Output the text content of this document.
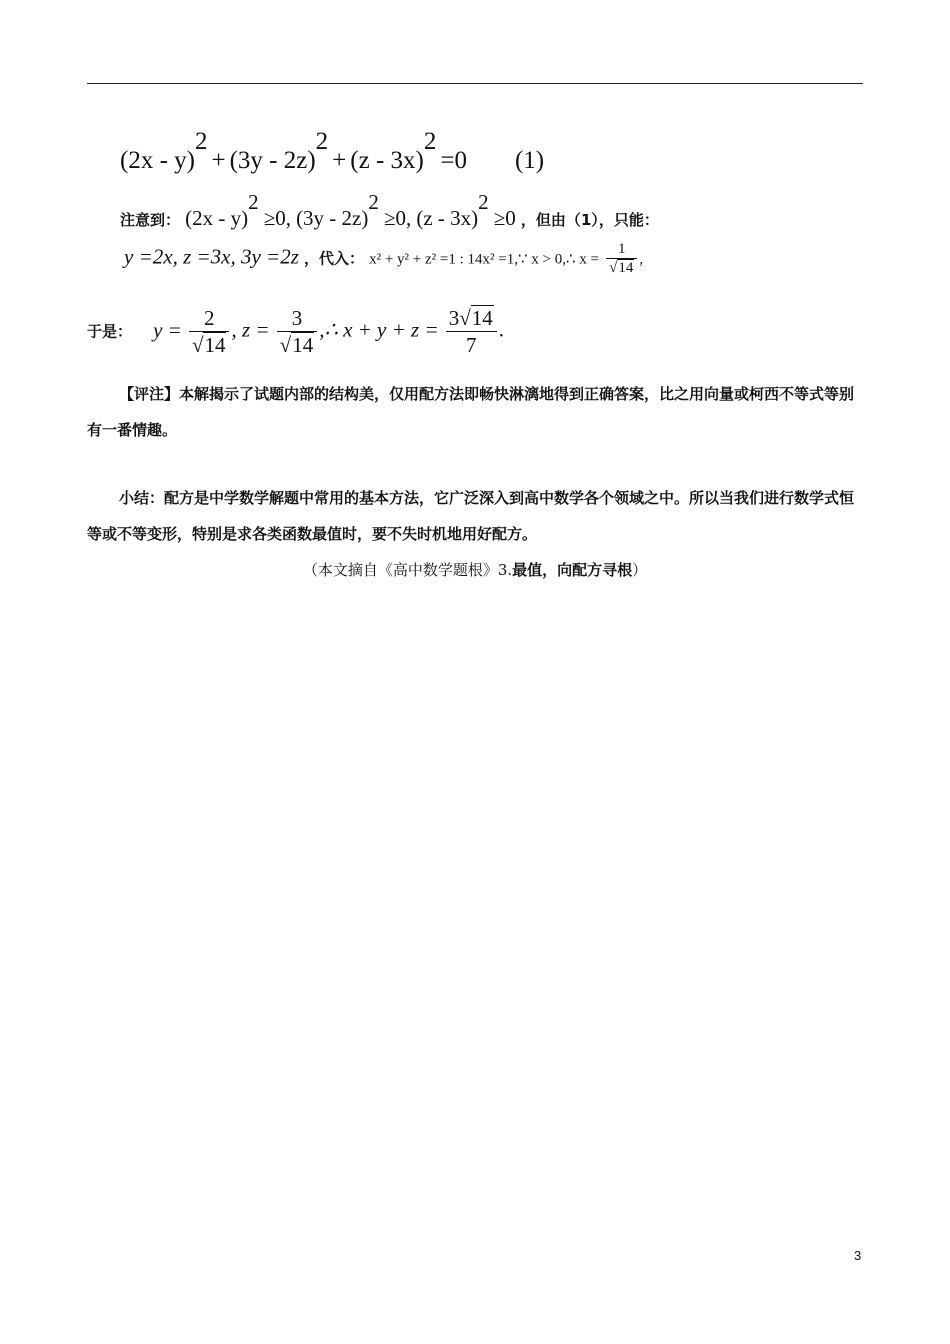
(2x - y)$^2$ + (3y - 2z)$^2$ + (z - 3x)$^2$ =0 (1)
注意到： (2x - y)$^2$ ≥0, (3y - 2z)$^2$ ≥0, (z - 3x)$^2$ ≥0 ，但由（1），只能：
y =2x, z =3x, 3y =2z ，代入： x² + y² + z² =1 : 14x² =1,∵ x > 0,∴ $x = \frac{1}{√14}$ ,
于是： $y = \frac{2}{√14}$ , $z = \frac{3}{√14}$ ,∴ $x + y + z = \frac{3√14}{7}$ .
【评注】本解揭示了试题内部的结构美，仅用配方法即畅快淋漓地得到正确答案，比之用向量或柯西不等式等别有一番情趣。
小结：配方是中学数学解题中常用的基本方法，它广泛深入到高中数学各个领域之中。所以当我们进行数学式恒等或不等变形，特别是求各类函数最值时，要不失时机地用好配方。
（本文摘自《高中数学题根》3.最值，向配方寻根）
3
